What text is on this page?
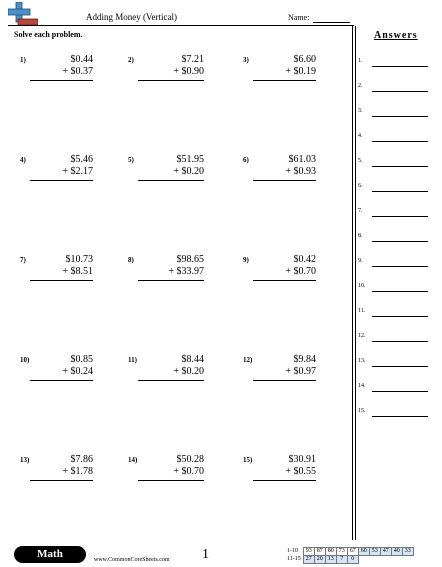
Adding Money (Vertical)	Name:
Solve each problem.
1)	$0.44
+ $0.37
2)	$7.21
+ $0.90
3)	$6.60
+ $0.19
4)	$5.46
+ $2.17
5)	$51.95
+ $0.20
6)	$61.03
+ $0.93
7)	$10.73
+ $8.51
8)	$98.65
+ $33.97
9)	$0.42
+ $0.70
10)	$0.85
+ $0.24
11)	$8.44
+ $0.20
12)	$9.84
+ $0.97
13)	$7.86
+ $1.78
14)	$50.28
+ $0.70
15)	$30.91
+ $0.55
Answers
1.
2.
3.
4.
5.
6.
7.
8.
9.
10.
11.
12.
13.
14.
15.
Math	www.CommonCoreSheets.com 1	1-10	93	87	80	73	67	60	53	47	40	33
11-15	27	20	13	7	0					
